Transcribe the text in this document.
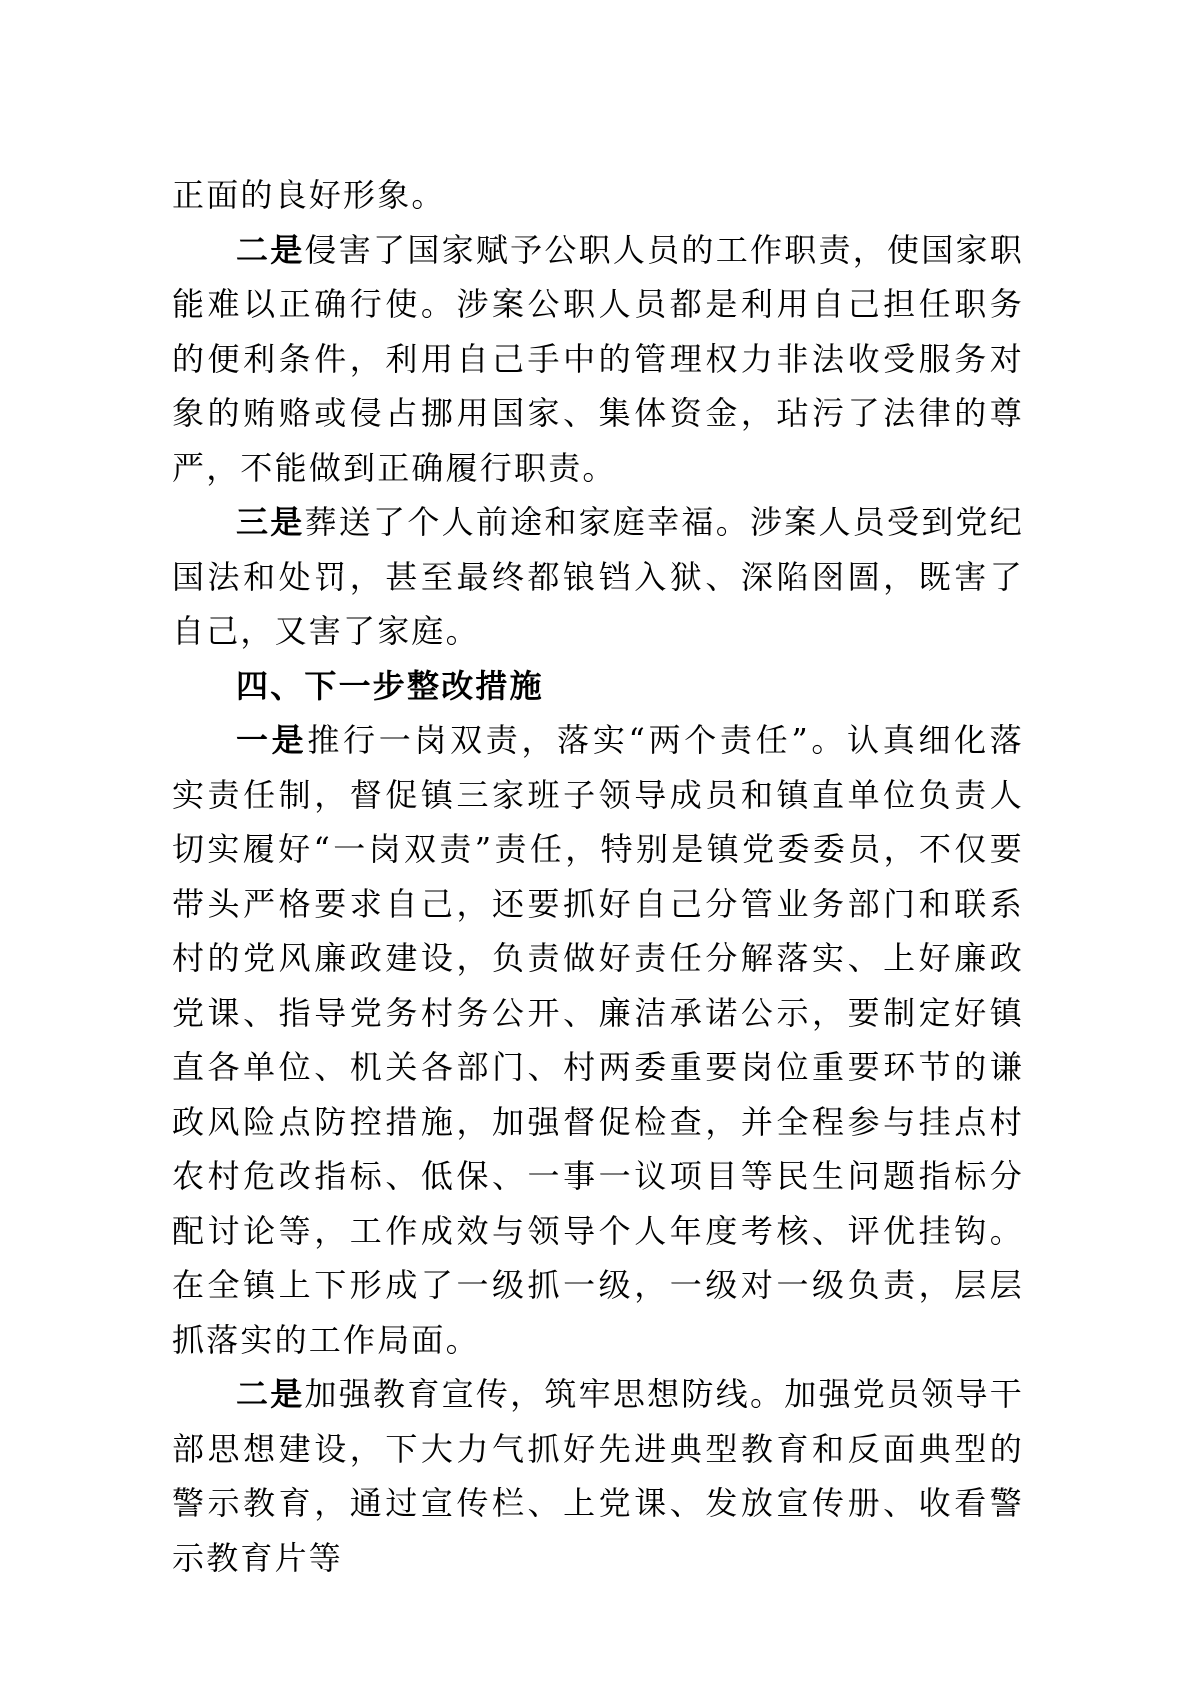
正面的良好形象。

二是侵害了国家赋予公职人员的工作职责，使国家职能难以正确行使。涉案公职人员都是利用自己担任职务的便利条件，利用自己手中的管理权力非法收受服务对象的贿赂或侵占挪用国家、集体资金，玷污了法律的尊严，不能做到正确履行职责。

三是葬送了个人前途和家庭幸福。涉案人员受到党纪国法和处罚，甚至最终都锒铛入狱、深陷囹圄，既害了自己，又害了家庭。

四、下一步整改措施

一是推行一岗双责，落实“两个责任”。认真细化落实责任制，督促镇三家班子领导成员和镇直单位负责人切实履好“一岗双责”责任，特别是镇党委委员，不仅要带头严格要求自己，还要抓好自己分管业务部门和联系村的党风廉政建设，负责做好责任分解落实、上好廉政党课、指导党务村务公开、廉洁承诺公示，要制定好镇直各单位、机关各部门、村两委重要岗位重要环节的谦政风险点防控措施，加强督促检查，并全程参与挂点村农村危改指标、低保、一事一议项目等民生问题指标分配讨论等，工作成效与领导个人年度考核、评优挂钩。在全镇上下形成了一级抓一级，一级对一级负责，层层抓落实的工作局面。

二是加强教育宣传，筑牢思想防线。加强党员领导干部思想建设，下大力气抓好先进典型教育和反面典型的警示教育，通过宣传栏、上党课、发放宣传册、收看警示教育片等
